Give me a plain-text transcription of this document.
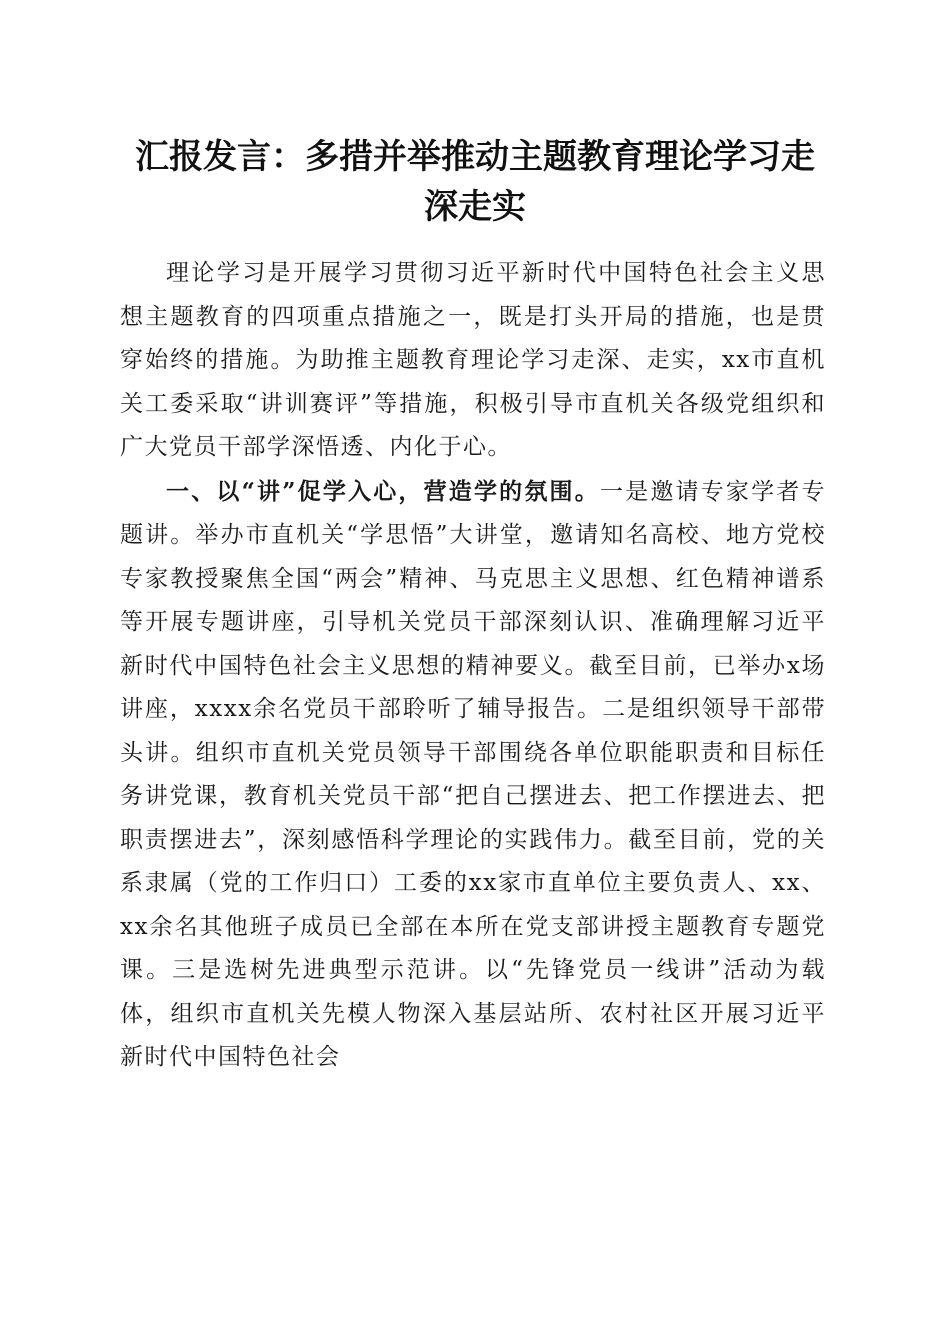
汇报发言：多措并举推动主题教育理论学习走深走实

理论学习是开展学习贯彻习近平新时代中国特色社会主义思想主题教育的四项重点措施之一，既是打头开局的措施，也是贯穿始终的措施。为助推主题教育理论学习走深、走实，xx市直机关工委采取“讲训赛评”等措施，积极引导市直机关各级党组织和广大党员干部学深悟透、内化于心。

一、以“讲”促学入心，营造学的氛围。一是邀请专家学者专题讲。举办市直机关“学思悟”大讲堂，邀请知名高校、地方党校专家教授聚焦全国“两会”精神、马克思主义思想、红色精神谱系等开展专题讲座，引导机关党员干部深刻认识、准确理解习近平新时代中国特色社会主义思想的精神要义。截至目前，已举办x场讲座，xxxx余名党员干部聆听了辅导报告。二是组织领导干部带头讲。组织市直机关党员领导干部围绕各单位职能职责和目标任务讲党课，教育机关党员干部“把自己摆进去、把工作摆进去、把职责摆进去”，深刻感悟科学理论的实践伟力。截至目前，党的关系隶属（党的工作归口）工委的xx家市直单位主要负责人、xx、xx余名其他班子成员已全部在本所在党支部讲授主题教育专题党课。三是选树先进典型示范讲。以“先锋党员一线讲”活动为载体，组织市直机关先模人物深入基层站所、农村社区开展习近平新时代中国特色社会
